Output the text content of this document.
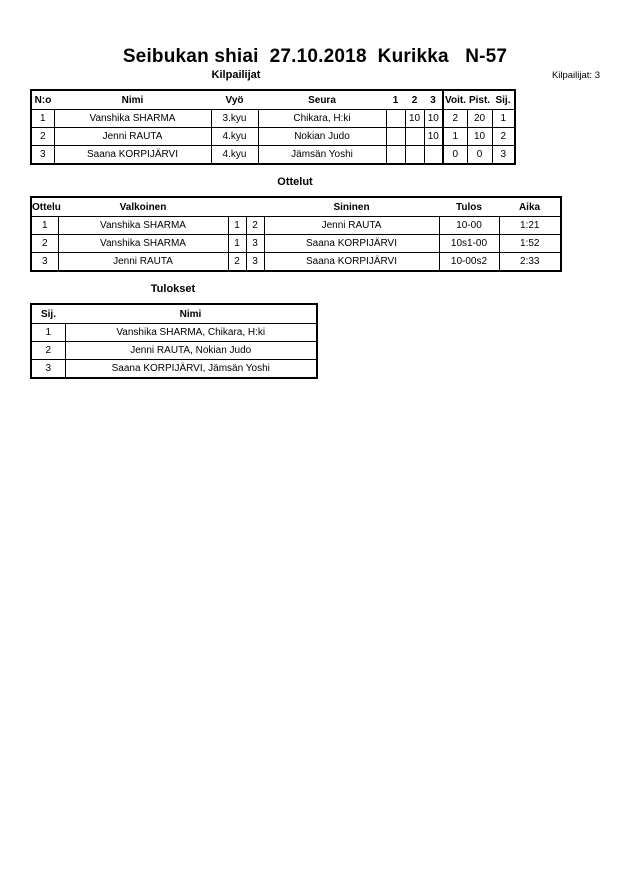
Seibukan shiai  27.10.2018  Kurikka   N-57
Kilpailijat	Kilpailijat: 3
N:o	Nimi	Vyö	Seura	1	2	3	Voit.	Pist.	Sij.
1	Vanshika SHARMA	3.kyu	Chikara, H:ki		10	10	2	20	1
2	Jenni RAUTA	4.kyu	Nokian Judo			10	1	10	2
3	Saana KORPIJÄRVI	4.kyu	Jämsän Yoshi				0	0	3
Ottelut
Ottelu	Valkoinen			Sininen	Tulos	Aika
1	Vanshika SHARMA	1	2	Jenni RAUTA	10-00	1:21
2	Vanshika SHARMA	1	3	Saana KORPIJÄRVI	10s1-00	1:52
3	Jenni RAUTA	2	3	Saana KORPIJÄRVI	10-00s2	2:33
Tulokset
Sij.	Nimi
1	Vanshika SHARMA, Chikara, H:ki
2	Jenni RAUTA, Nokian Judo
3	Saana KORPIJÄRVI, Jämsän Yoshi
